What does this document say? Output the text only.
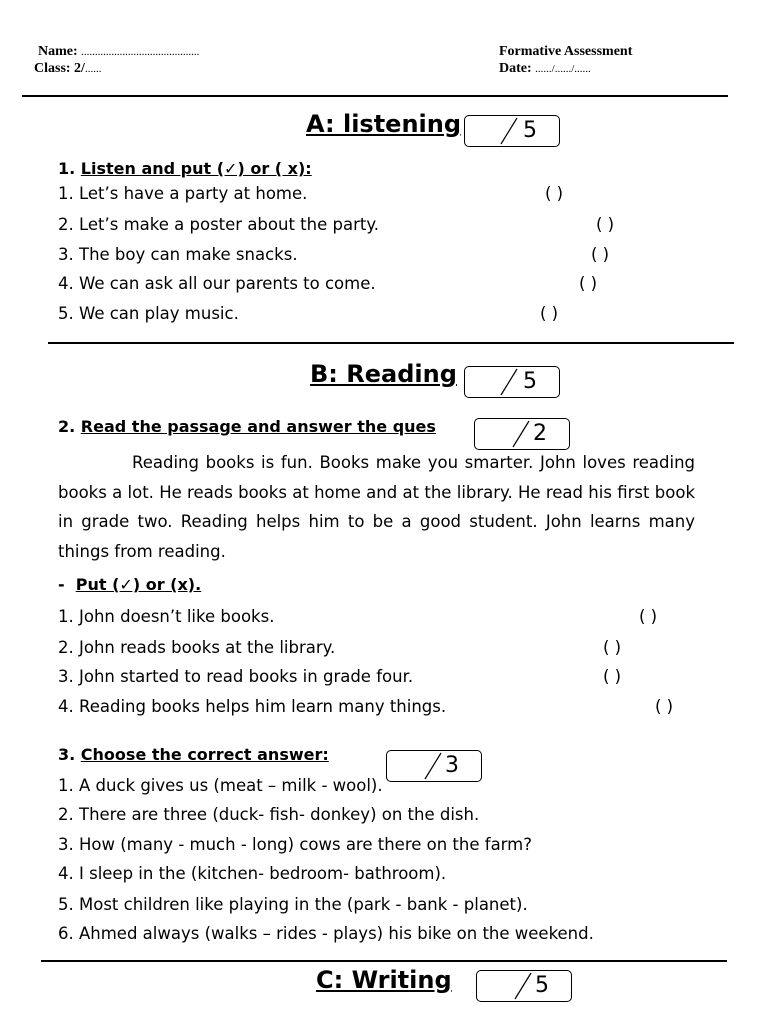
Name: ...........................................
Class: 2/......
Formative Assessment
Date: ....../....../......
A: listening	5
1. Listen and put (✓) or ( x):
1. Let’s have a party at home.	( )
2. Let’s make a poster about the party.	( )
3. The boy can make snacks.	( )
4. We can ask all our parents to come.	( )
5. We can play music.	( )
B: Reading	5
2. Read the passage and answer the ques	2
Reading books is fun. Books make you smarter. John loves reading books a lot. He reads books at home and at the library. He read his first book in grade two. Reading helps him to be a good student. John learns many things from reading.
- Put (✓) or (x).
1. John doesn’t like books.	( )
2. John reads books at the library.	( )
3. John started to read books in grade four.	( )
4. Reading books helps him learn many things.	( )
3. Choose the correct answer:
1. A duck gives us (meat – milk - wool).
3
2. There are three (duck- fish- donkey) on the dish.
3. How (many - much - long) cows are there on the farm?
4. I sleep in the (kitchen- bedroom- bathroom).
5. Most children like playing in the (park - bank - planet).
6. Ahmed always (walks – rides - plays) his bike on the weekend.
C: Writing	5
